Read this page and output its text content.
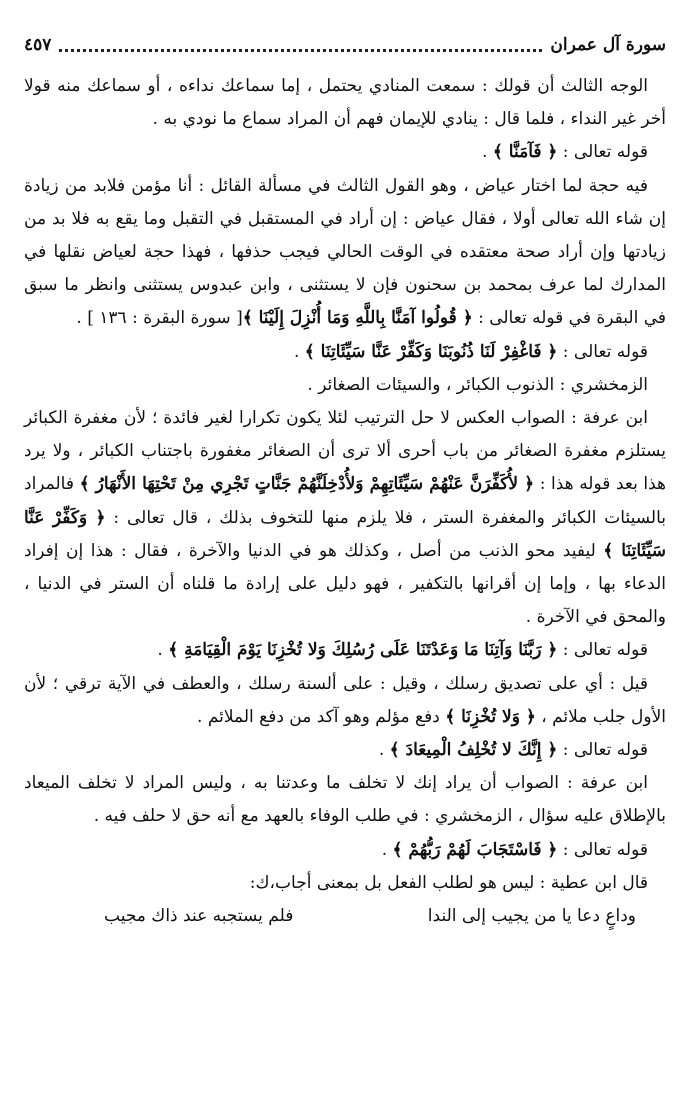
سورة آل عمران
٤٥٧

الوجه الثالث أن قولك : سمعت المنادي يحتمل ، إما سماعك نداءه ، أو سماعك منه قولا أخر غير النداء ، فلما قال : ينادي للإيمان فهم أن المراد سماع ما نودي به .

قوله تعالى : ﴿ فَآمَنَّا ﴾ .

فيه حجة لما اختار عياض ، وهو القول الثالث في مسألة القائل : أنا مؤمن فلابد من زيادة إن شاء الله تعالى أولا ، فقال عياض : إن أراد في المستقبل في التقبل وما يقع به فلا بد من زيادتها وإن أراد صحة معتقده في الوقت الحالي فيجب حذفها ، فهذا حجة لعياض نقلها في المدارك لما عرف بمحمد بن سحنون فإن لا يستثنى ، وابن عبدوس يستثنى وانظر ما سبق في البقرة في قوله تعالى : ﴿ قُولُوا آمَنَّا بِاللَّهِ وَمَا أُنْزِلَ إِلَيْنَا ﴾[ سورة البقرة : ١٣٦ ] .

قوله تعالى : ﴿ فَاغْفِرْ لَنَا ذُنُوبَنَا وَكَفِّرْ عَنَّا سَيِّئَاتِنَا ﴾ .

الزمخشري : الذنوب الكبائر ، والسيئات الصغائر .

ابن عرفة : الصواب العكس لا حل الترتيب لئلا يكون تكرارا لغير فائدة ؛ لأن مغفرة الكبائر يستلزم مغفرة الصغائر من باب أحرى ألا ترى أن الصغائر مغفورة باجتناب الكبائر ، ولا يرد هذا بعد قوله هذا : ﴿ لأُكَفِّرَنَّ عَنْهُمْ سَيِّئَاتِهِمْ وَلأُدْخِلَنَّهُمْ جَنَّاتٍ تَجْرِي مِنْ تَحْتِهَا الأَنْهَارُ ﴾ فالمراد بالسيئات الكبائر والمغفرة الستر ، فلا يلزم منها للتخوف بذلك ، قال تعالى : ﴿ وَكَفِّرْ عَنَّا سَيِّئَاتِنَا ﴾ ليفيد محو الذنب من أصل ، وكذلك هو في الدنيا والآخرة ، فقال : هذا إن إفراد الدعاء بها ، وإما إن أقرانها بالتكفير ، فهو دليل على إرادة ما قلناه أن الستر في الدنيا ، والمحق في الآخرة .

قوله تعالى : ﴿ رَبَّنَا وَآتِنَا مَا وَعَدْتَنَا عَلَى رُسُلِكَ وَلا تُخْزِنَا يَوْمَ الْقِيَامَةِ ﴾ .

قيل : أي على تصديق رسلك ، وقيل : على ألسنة رسلك ، والعطف في الآية ترقي ؛ لأن الأول جلب ملائم ، ﴿ وَلا تُخْزِنَا ﴾ دفع مؤلم وهو آكد من دفع الملائم .

قوله تعالى : ﴿ إِنَّكَ لا تُخْلِفُ الْمِيعَادَ ﴾ .

ابن عرفة : الصواب أن يراد إنك لا تخلف ما وعدتنا به ، وليس المراد لا تخلف الميعاد بالإطلاق عليه سؤال ، الزمخشري : في طلب الوفاء بالعهد مع أنه حق لا حلف فيه .

قوله تعالى : ﴿ فَاسْتَجَابَ لَهُمْ رَبُّهُمْ ﴾ .

قال ابن عطية : ليس هو لطلب الفعل بل بمعنى أجاب،ك:

وداعٍ دعا يا من يجيب إلى الندا
فلم يستجبه عند ذاك مجيب
